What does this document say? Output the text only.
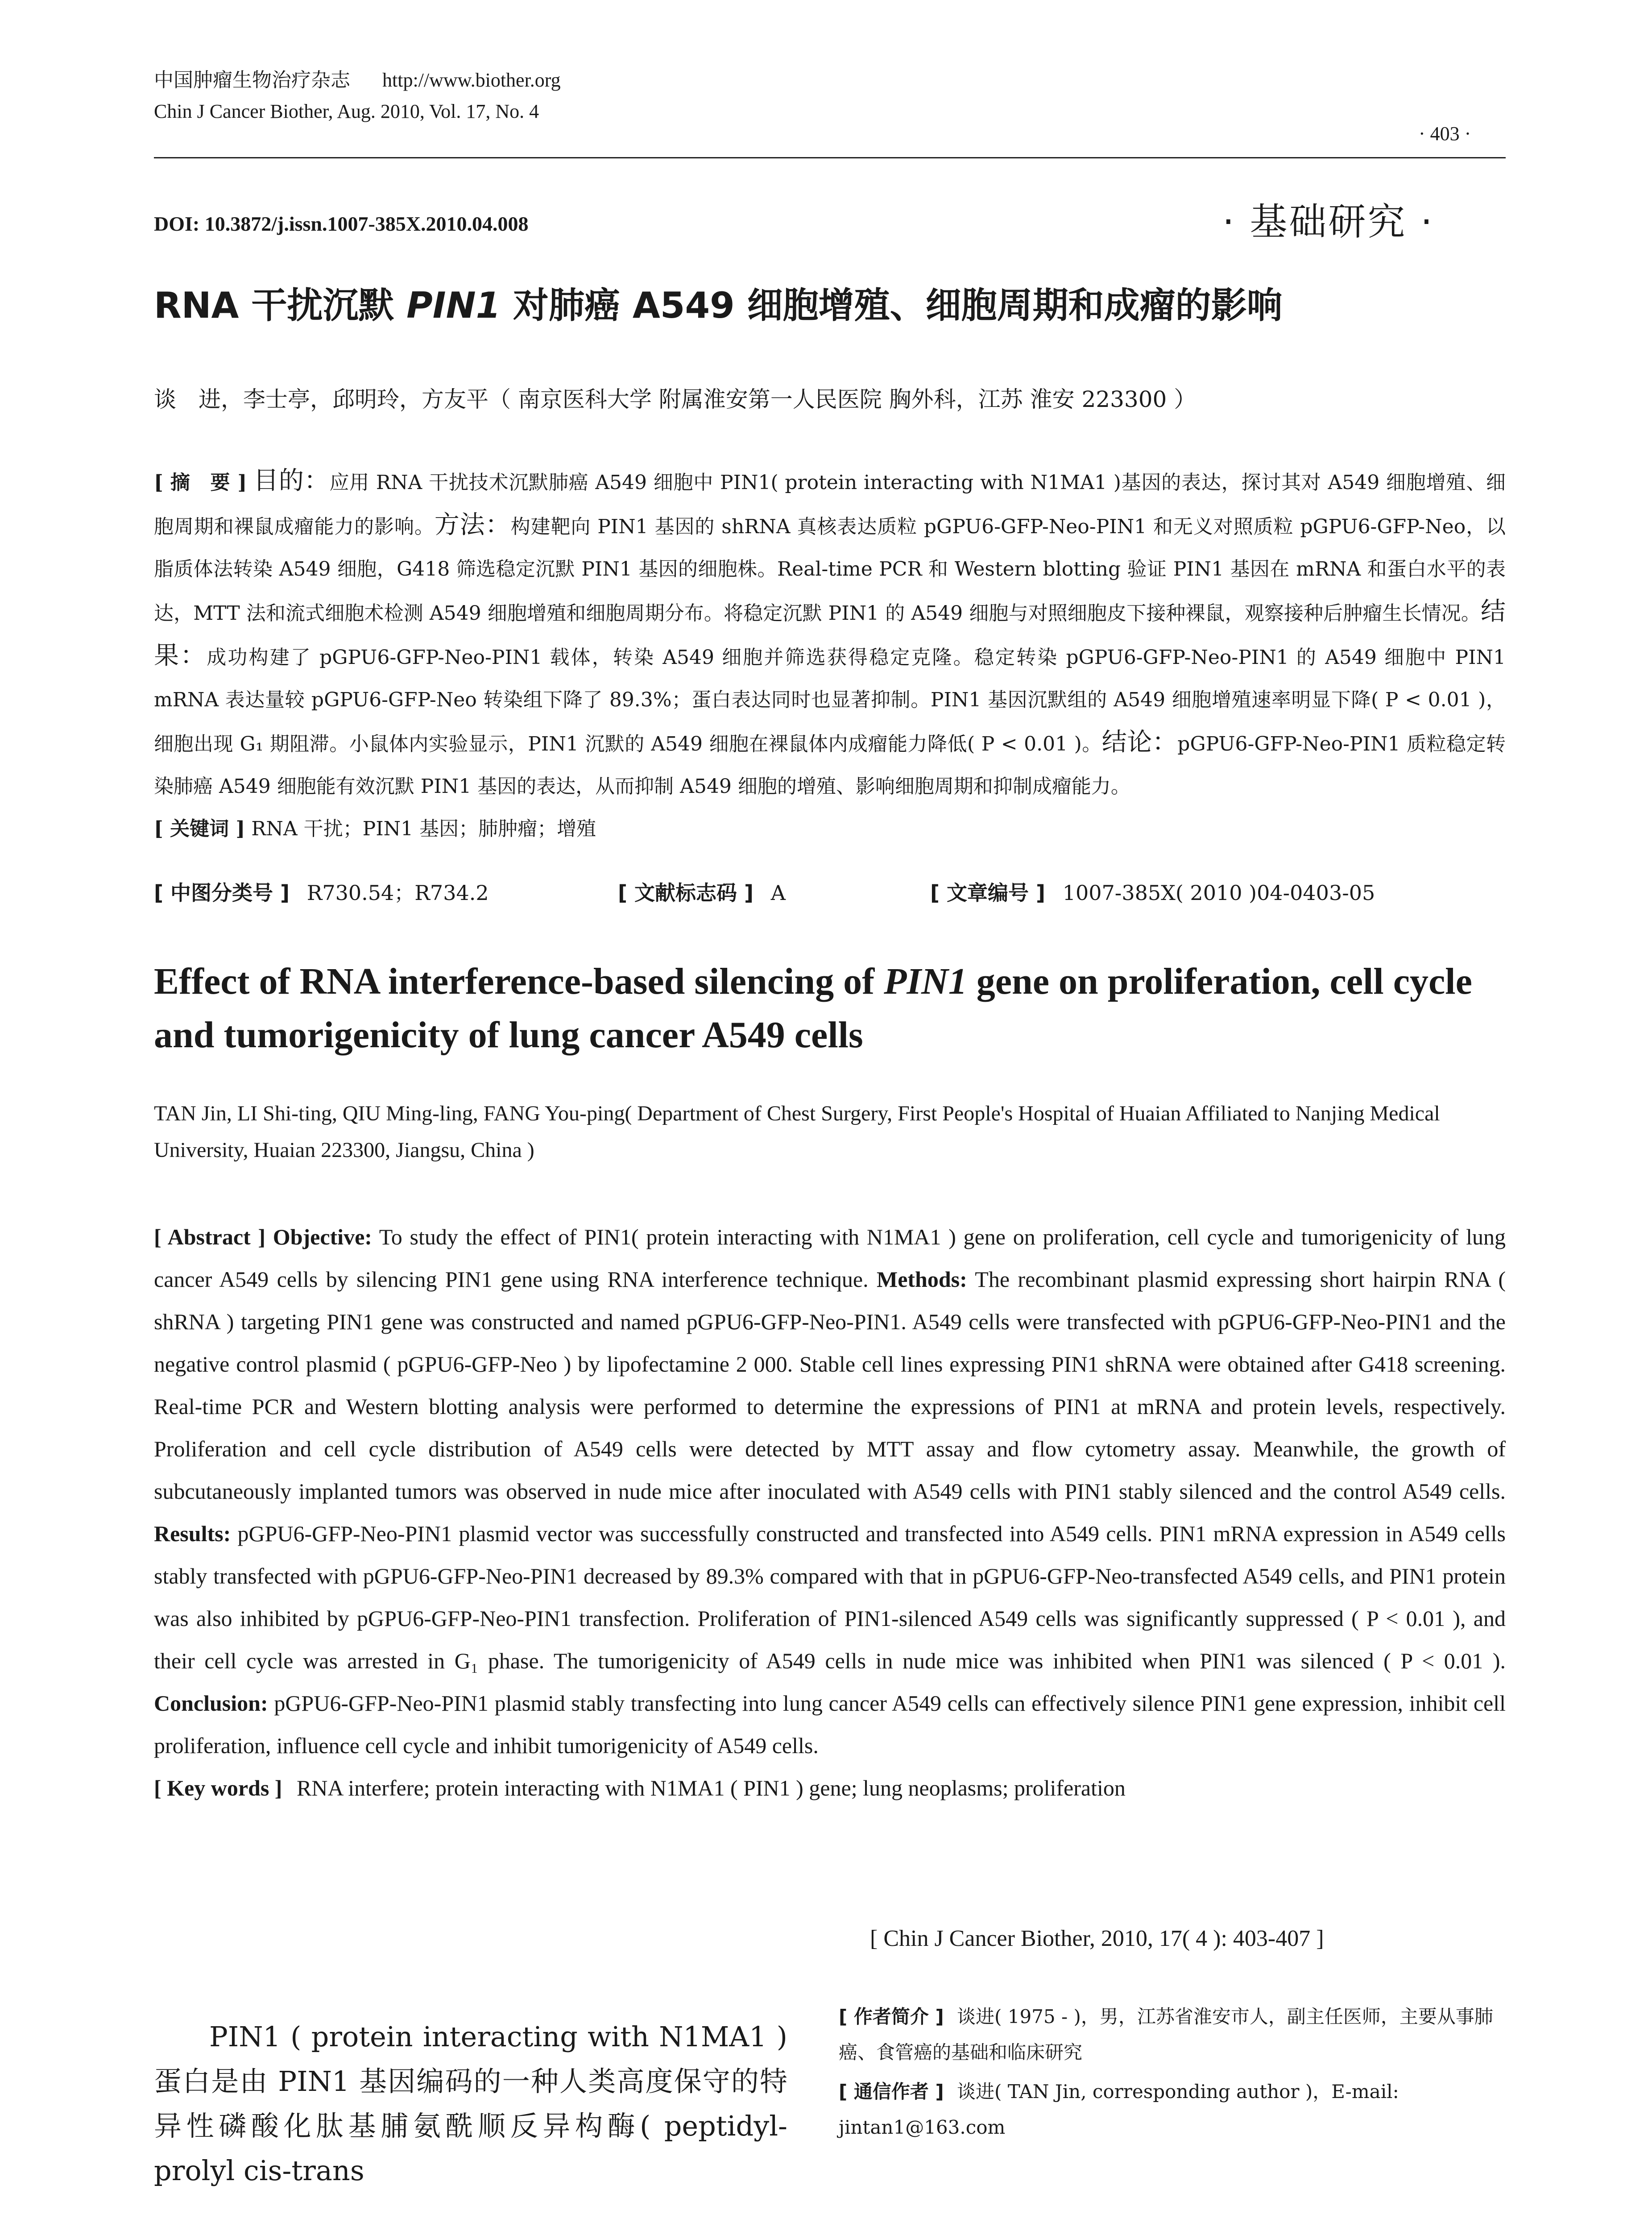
中国肿瘤生物治疗杂志 http://www.biother.org
Chin J Cancer Biother, Aug. 2010, Vol. 17, No. 4
· 403 ·
DOI: 10.3872/j.issn.1007-385X.2010.04.008	· 基础研究 ·
RNA 干扰沉默 PIN1 对肺癌 A549 细胞增殖、细胞周期和成瘤的影响
谈　进，李士亭，邱明玲，方友平（ 南京医科大学 附属淮安第一人民医院 胸外科，江苏 淮安 223300 ）
[ 摘　要 ] 目的：应用 RNA 干扰技术沉默肺癌 A549 细胞中 PIN1( protein interacting with N1MA1 )基因的表达，探讨其对 A549 细胞增殖、细胞周期和裸鼠成瘤能力的影响。方法：构建靶向 PIN1 基因的 shRNA 真核表达质粒 pGPU6-GFP-Neo-PIN1 和无义对照质粒 pGPU6-GFP-Neo，以脂质体法转染 A549 细胞，G418 筛选稳定沉默 PIN1 基因的细胞株。Real-time PCR 和 Western blotting 验证 PIN1 基因在 mRNA 和蛋白水平的表达，MTT 法和流式细胞术检测 A549 细胞增殖和细胞周期分布。将稳定沉默 PIN1 的 A549 细胞与对照细胞皮下接种裸鼠，观察接种后肿瘤生长情况。结果：成功构建了 pGPU6-GFP-Neo-PIN1 载体，转染 A549 细胞并筛选获得稳定克隆。稳定转染 pGPU6-GFP-Neo-PIN1 的 A549 细胞中 PIN1 mRNA 表达量较 pGPU6-GFP-Neo 转染组下降了 89.3%；蛋白表达同时也显著抑制。PIN1 基因沉默组的 A549 细胞增殖速率明显下降( P < 0.01 )，细胞出现 G₁ 期阻滞。小鼠体内实验显示，PIN1 沉默的 A549 细胞在裸鼠体内成瘤能力降低( P < 0.01 )。结论：pGPU6-GFP-Neo-PIN1 质粒稳定转染肺癌 A549 细胞能有效沉默 PIN1 基因的表达，从而抑制 A549 细胞的增殖、影响细胞周期和抑制成瘤能力。
[ 关键词 ] RNA 干扰；PIN1 基因；肺肿瘤；增殖
[ 中图分类号 ] R730.54；R734.2	[ 文献标志码 ] A	[ 文章编号 ] 1007-385X( 2010 )04-0403-05
Effect of RNA interference-based silencing of PIN1 gene on proliferation, cell cycle and tumorigenicity of lung cancer A549 cells
TAN Jin, LI Shi-ting, QIU Ming-ling, FANG You-ping( Department of Chest Surgery, First People's Hospital of Huaian Affiliated to Nanjing Medical University, Huaian 223300, Jiangsu, China )
[ Abstract ] Objective: To study the effect of PIN1( protein interacting with N1MA1 ) gene on proliferation, cell cycle and tumorigenicity of lung cancer A549 cells by silencing PIN1 gene using RNA interference technique. Methods: The recombinant plasmid expressing short hairpin RNA ( shRNA ) targeting PIN1 gene was constructed and named pGPU6-GFP-Neo-PIN1. A549 cells were transfected with pGPU6-GFP-Neo-PIN1 and the negative control plasmid ( pGPU6-GFP-Neo ) by lipofectamine 2 000. Stable cell lines expressing PIN1 shRNA were obtained after G418 screening. Real-time PCR and Western blotting analysis were performed to determine the expressions of PIN1 at mRNA and protein levels, respectively. Proliferation and cell cycle distribution of A549 cells were detected by MTT assay and flow cytometry assay. Meanwhile, the growth of subcutaneously implanted tumors was observed in nude mice after inoculated with A549 cells with PIN1 stably silenced and the control A549 cells. Results: pGPU6-GFP-Neo-PIN1 plasmid vector was successfully constructed and transfected into A549 cells. PIN1 mRNA expression in A549 cells stably transfected with pGPU6-GFP-Neo-PIN1 decreased by 89.3% compared with that in pGPU6-GFP-Neo-transfected A549 cells, and PIN1 protein was also inhibited by pGPU6-GFP-Neo-PIN1 transfection. Proliferation of PIN1-silenced A549 cells was significantly suppressed ( P < 0.01 ), and their cell cycle was arrested in G₁ phase. The tumorigenicity of A549 cells in nude mice was inhibited when PIN1 was silenced ( P < 0.01 ). Conclusion: pGPU6-GFP-Neo-PIN1 plasmid stably transfecting into lung cancer A549 cells can effectively silence PIN1 gene expression, inhibit cell proliferation, influence cell cycle and inhibit tumorigenicity of A549 cells.
[ Key words ] RNA interfere; protein interacting with N1MA1 ( PIN1 ) gene; lung neoplasms; proliferation
[ Chin J Cancer Biother, 2010, 17( 4 ): 403-407 ]
PIN1 ( protein interacting with N1MA1 )蛋白是由 PIN1 基因编码的一种人类高度保守的特异性磷酸化肽基脯氨酰顺反异构酶( peptidyl-prolyl cis-trans
[ 作者简介 ] 谈进( 1975 - )，男，江苏省淮安市人，副主任医师，主要从事肺癌、食管癌的基础和临床研究
[ 通信作者 ] 谈进( TAN Jin, corresponding author )，E-mail: jintan1@163.com
